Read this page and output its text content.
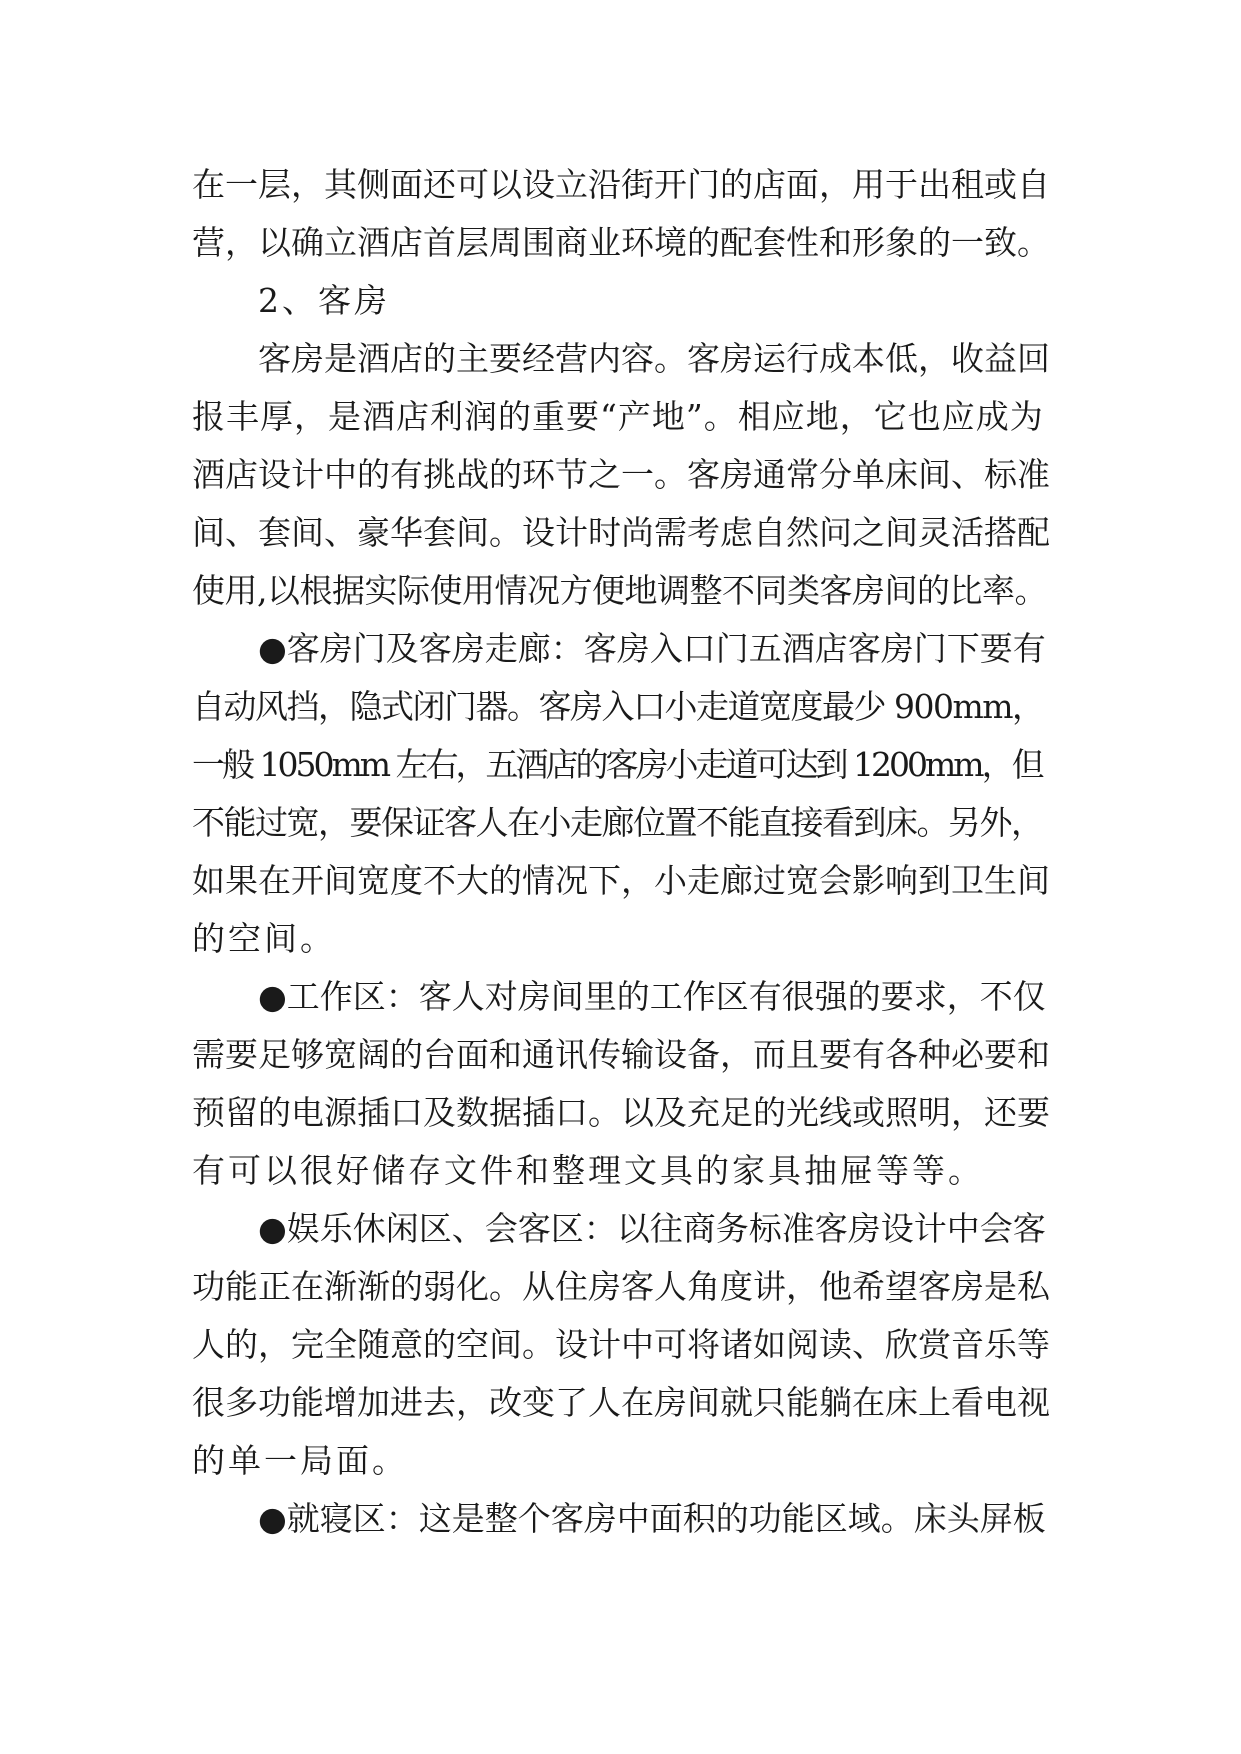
在一层，其侧面还可以设立沿街开门的店面，用于出租或自
营，以确立酒店首层周围商业环境的配套性和形象的一致。
2、客房
客房是酒店的主要经营内容。客房运行成本低，收益回
报丰厚，是酒店利润的重要“产地”。相应地，它也应成为
酒店设计中的有挑战的环节之一。客房通常分单床间、标准
间、套间、豪华套间。设计时尚需考虑自然问之间灵活搭配
使用,以根据实际使用情况方便地调整不同类客房间的比率。
●客房门及客房走廊：客房入口门五酒店客房门下要有
自动风挡，隐式闭门器。客房入口小走道宽度最少 900mm，
一般 1050mm 左右，五酒店的客房小走道可达到 1200mm，但
不能过宽，要保证客人在小走廊位置不能直接看到床。另外，
如果在开间宽度不大的情况下，小走廊过宽会影响到卫生间
的空间。
●工作区：客人对房间里的工作区有很强的要求，不仅
需要足够宽阔的台面和通讯传输设备，而且要有各种必要和
预留的电源插口及数据插口。以及充足的光线或照明，还要
有可以很好储存文件和整理文具的家具抽屉等等。
●娱乐休闲区、会客区：以往商务标准客房设计中会客
功能正在渐渐的弱化。从住房客人角度讲，他希望客房是私
人的，完全随意的空间。设计中可将诸如阅读、欣赏音乐等
很多功能增加进去，改变了人在房间就只能躺在床上看电视
的单一局面。
●就寝区：这是整个客房中面积的功能区域。床头屏板
